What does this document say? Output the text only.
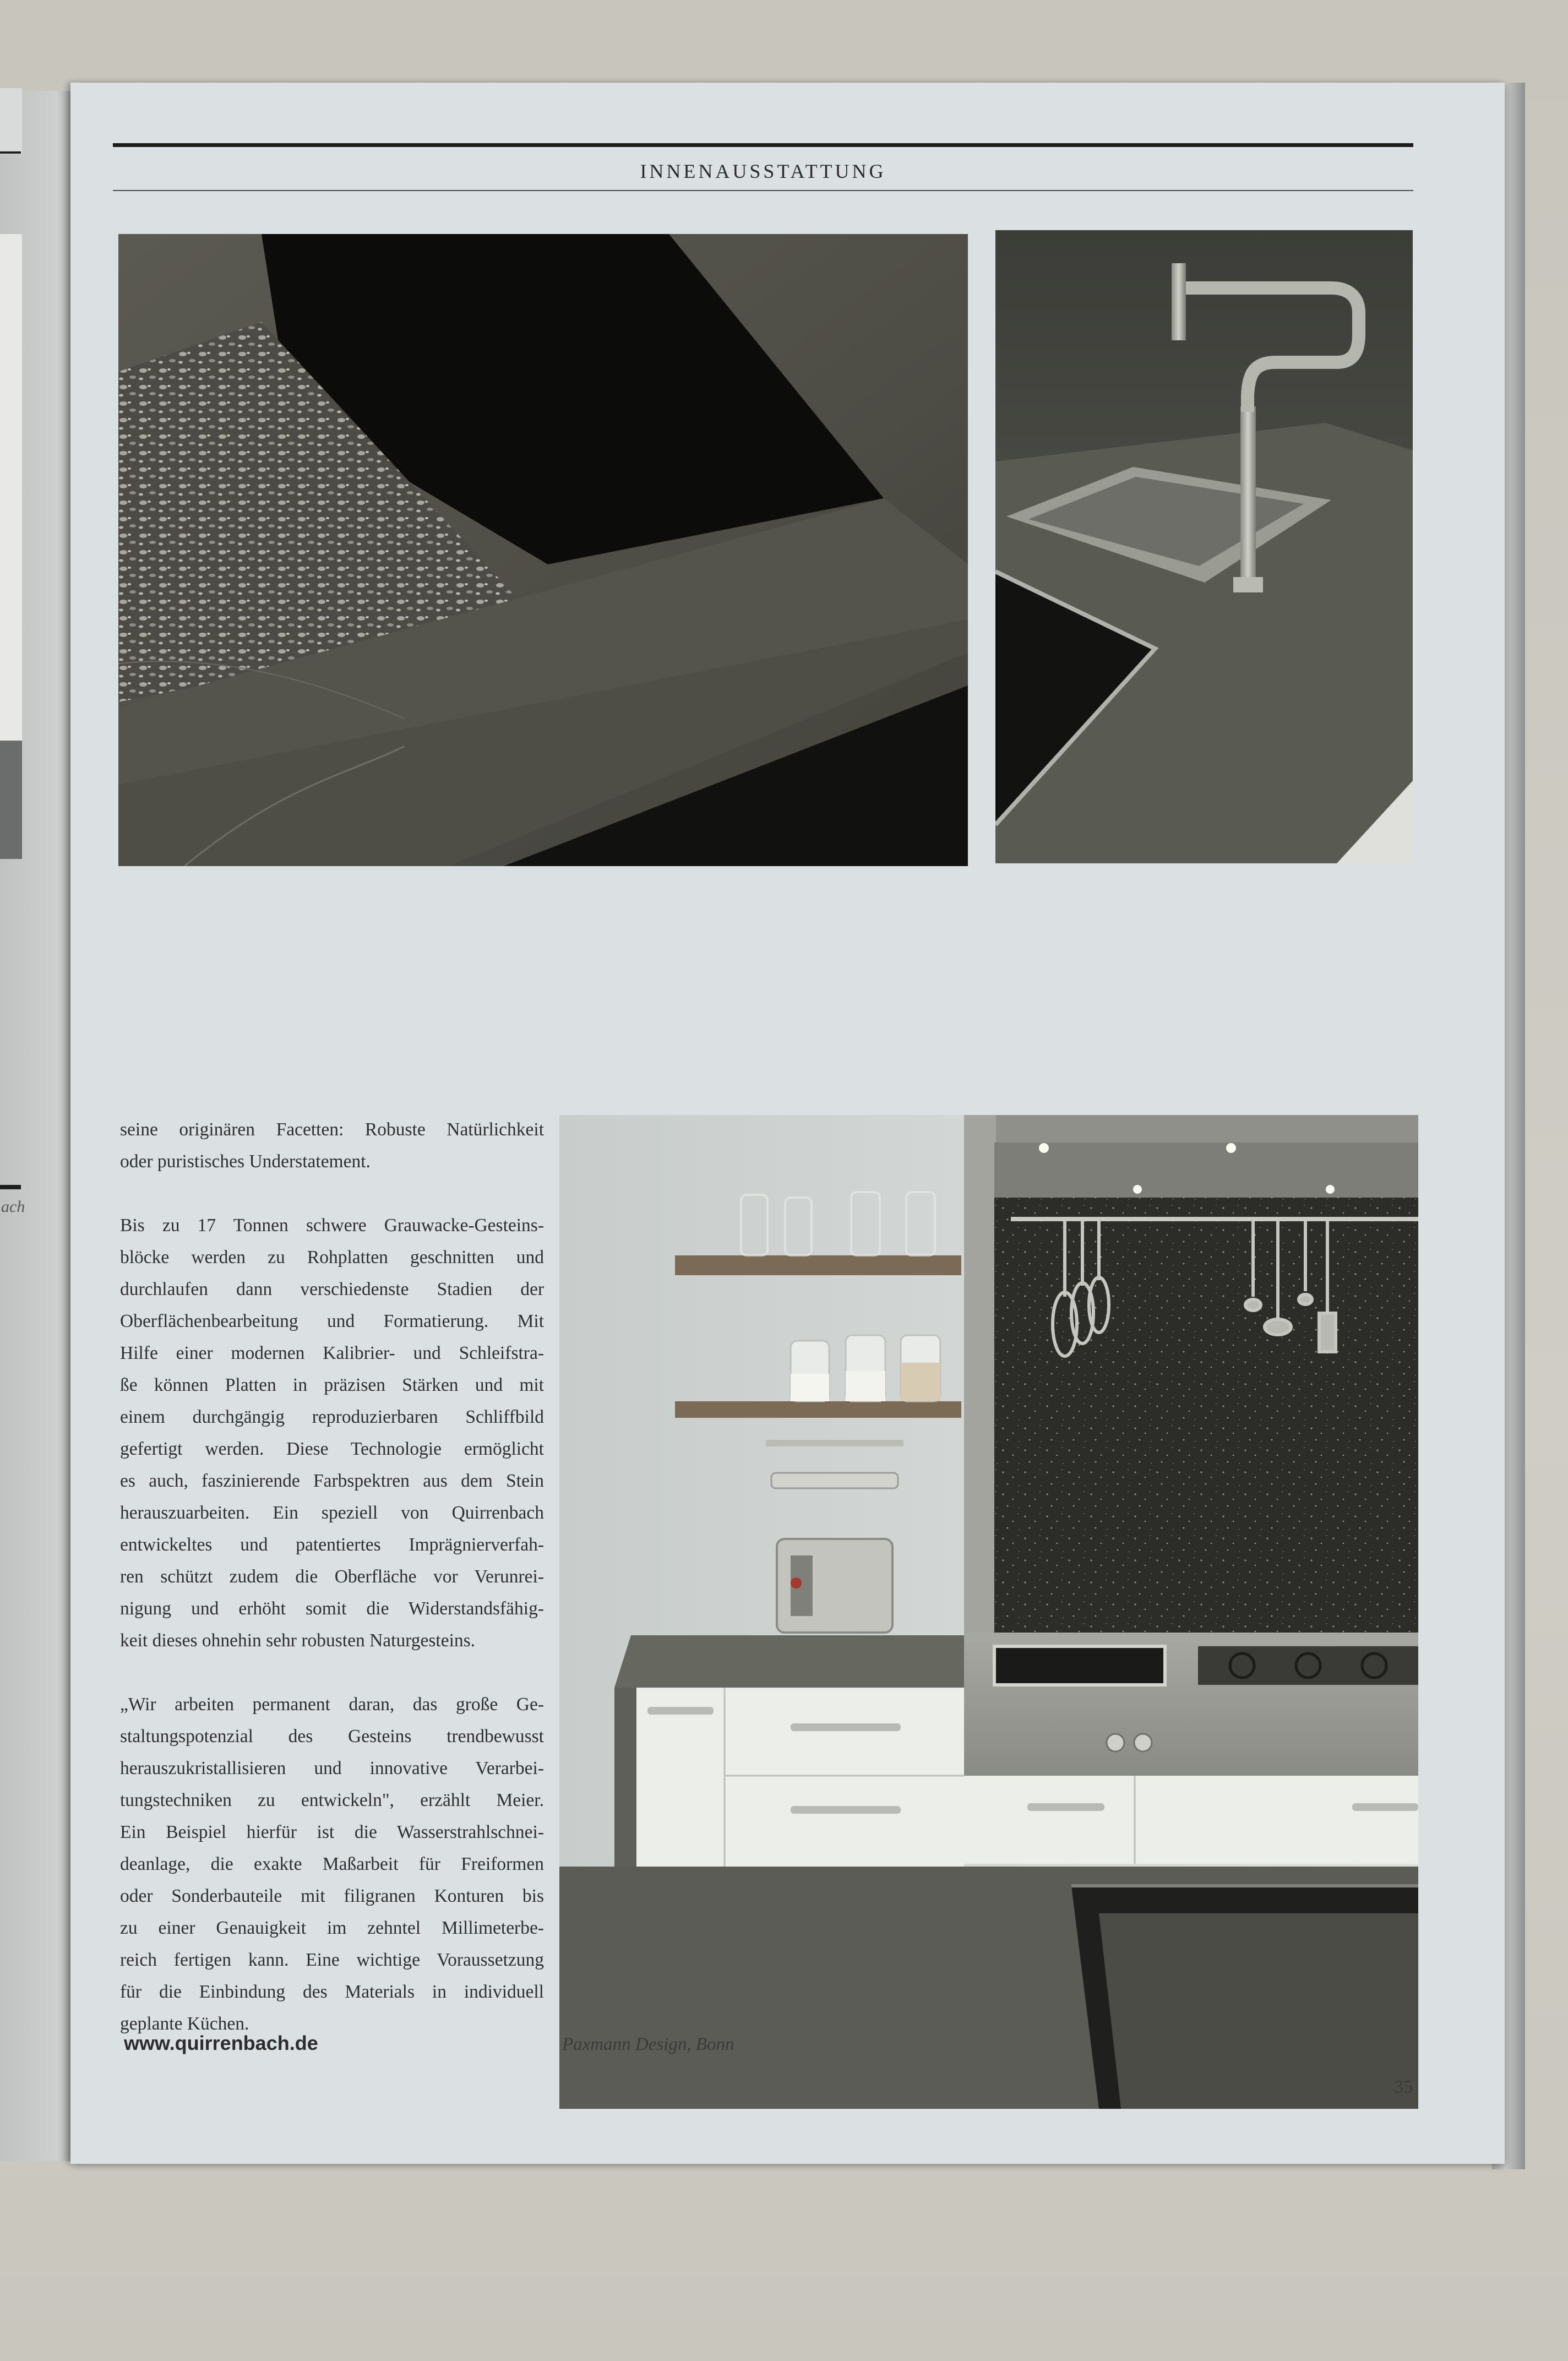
ach
INNENAUSSTATTUNG

seine originären Facetten: Robuste Natürlichkeit
oder puristisches Understatement.

Bis zu 17 Tonnen schwere Grauwacke-Gesteins-
blöcke werden zu Rohplatten geschnitten und
durchlaufen dann verschiedenste Stadien der
Oberflächenbearbeitung und Formatierung. Mit
Hilfe einer modernen Kalibrier- und Schleifstra-
ße können Platten in präzisen Stärken und mit
einem durchgängig reproduzierbaren Schliffbild
gefertigt werden. Diese Technologie ermöglicht
es auch, faszinierende Farbspektren aus dem Stein
herauszuarbeiten. Ein speziell von Quirrenbach
entwickeltes und patentiertes Imprägnierverfah-
ren schützt zudem die Oberfläche vor Verunrei-
nigung und erhöht somit die Widerstandsfähig-
keit dieses ohnehin sehr robusten Naturgesteins.

„Wir arbeiten permanent daran, das große Ge-
staltungspotenzial des Gesteins trendbewusst
herauszukristallisieren und innovative Verarbei-
tungstechniken zu entwickeln", erzählt Meier.
Ein Beispiel hierfür ist die Wasserstrahlschnei-
deanlage, die exakte Maßarbeit für Freiformen
oder Sonderbauteile mit filigranen Konturen bis
zu einer Genauigkeit im zehntel Millimeterbe-
reich fertigen kann. Eine wichtige Voraussetzung
für die Einbindung des Materials in individuell
geplante Küchen.

www.quirrenbach.de	Paxmann Design, Bonn
35
